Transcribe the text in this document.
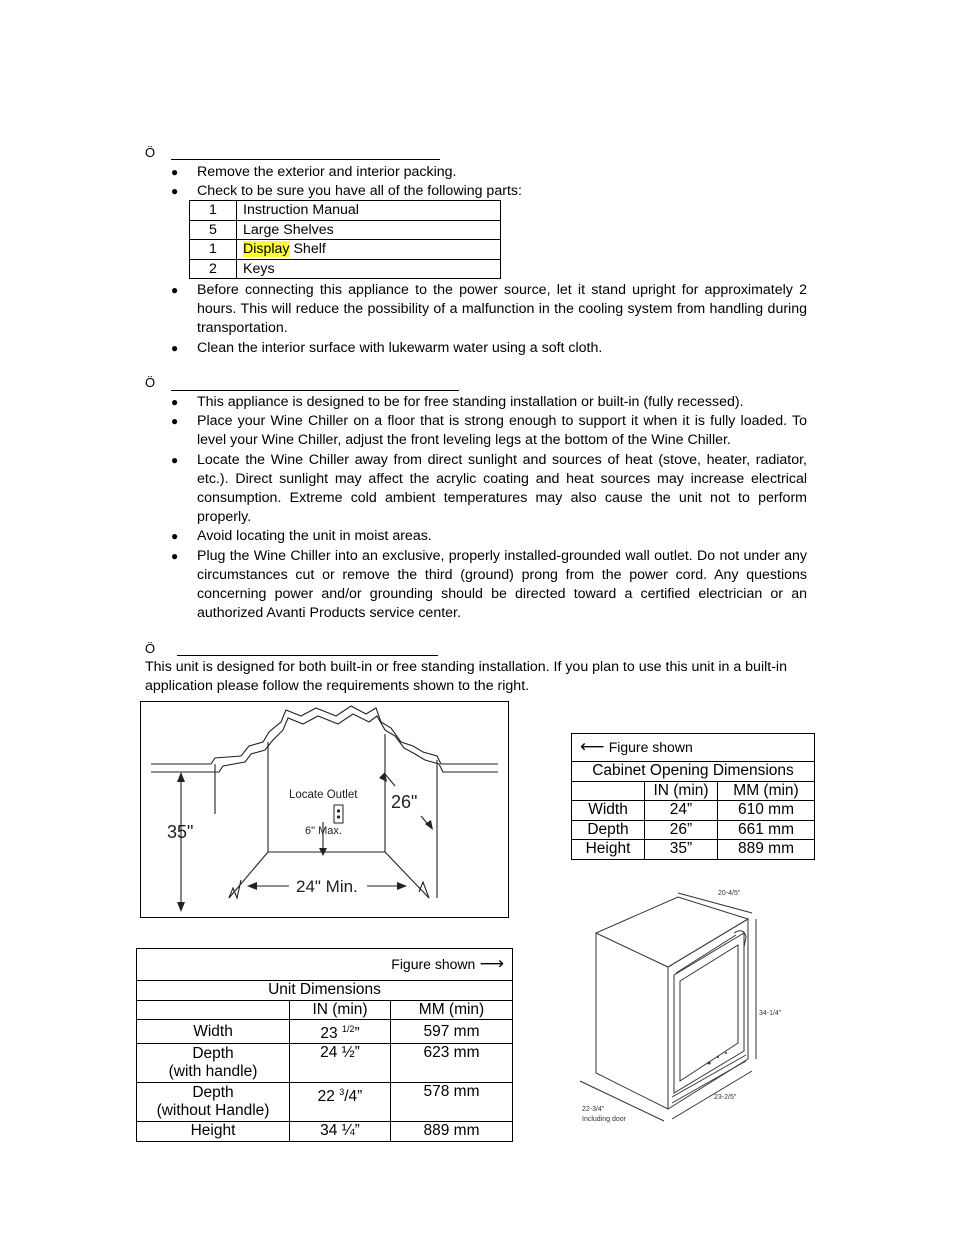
Ö
● Remove the exterior and interior packing.
● Check to be sure you have all of the following parts:
1	Instruction Manual
5	Large Shelves
1	Display Shelf
2	Keys
● Before connecting this appliance to the power source, let it stand upright for approximately 2 hours. This will reduce the possibility of a malfunction in the cooling system from handling during transportation.
● Clean the interior surface with lukewarm water using a soft cloth.
Ö
● This appliance is designed to be for free standing installation or built-in (fully recessed).
● Place your Wine Chiller on a floor that is strong enough to support it when it is fully loaded. To level your Wine Chiller, adjust the front leveling legs at the bottom of the Wine Chiller.
● Locate the Wine Chiller away from direct sunlight and sources of heat (stove, heater, radiator, etc.). Direct sunlight may affect the acrylic coating and heat sources may increase electrical consumption. Extreme cold ambient temperatures may also cause the unit not to perform properly.
● Avoid locating the unit in moist areas.
● Plug the Wine Chiller into an exclusive, properly installed-grounded wall outlet. Do not under any circumstances cut or remove the third (ground) prong from the power cord. Any questions concerning power and/or grounding should be directed toward a certified electrician or an authorized Avanti Products service center.
Ö
This unit is designed for both built-in or free standing installation. If you plan to use this unit in a built-in application please follow the requirements shown to the right.
Locate Outlet
6" Max.
26"
35"
24" Min.
⟵ Figure shown		
Cabinet Opening Dimensions		
	IN (min)	MM (min)
Width	24”	610 mm
Depth	26”	661 mm
Height	35”	889 mm
Figure shown ⟶		
Unit Dimensions		
	IN (min)	MM (min)
Width	23 $^{1/2}$”	597 mm

Depth
(with handle)	24 ½”	623 mm

Depth
(without Handle)	22 $^3$/4”	578 mm
Height	34 ¼”	889 mm
20-4/5"
34-1/4"
23-2/5"
22-3/4"
Including door
